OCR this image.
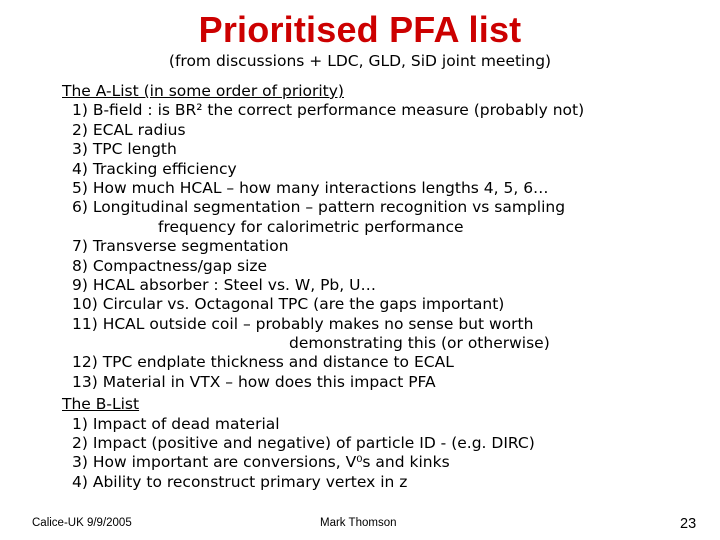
Prioritised PFA list
(from discussions + LDC, GLD, SiD joint meeting)
The A-List (in some order of priority)
1) B-field : is BR² the correct performance measure (probably not)
2) ECAL radius
3) TPC length
4) Tracking efficiency
5) How much HCAL – how many interactions lengths 4, 5, 6…
6) Longitudinal segmentation – pattern recognition vs sampling
frequency for calorimetric performance
7) Transverse segmentation
8) Compactness/gap size
9) HCAL absorber : Steel vs. W, Pb, U…
10) Circular vs. Octagonal TPC (are the gaps important)
11) HCAL outside coil – probably makes no sense but worth
demonstrating this (or otherwise)
12) TPC endplate thickness and distance to ECAL
13) Material in VTX – how does this impact PFA
The B-List
1) Impact of dead material
2) Impact (positive and negative) of particle ID - (e.g. DIRC)
3) How important are conversions, V⁰s and kinks
4) Ability to reconstruct primary vertex in z
Calice-UK 9/9/2005	Mark Thomson	23
